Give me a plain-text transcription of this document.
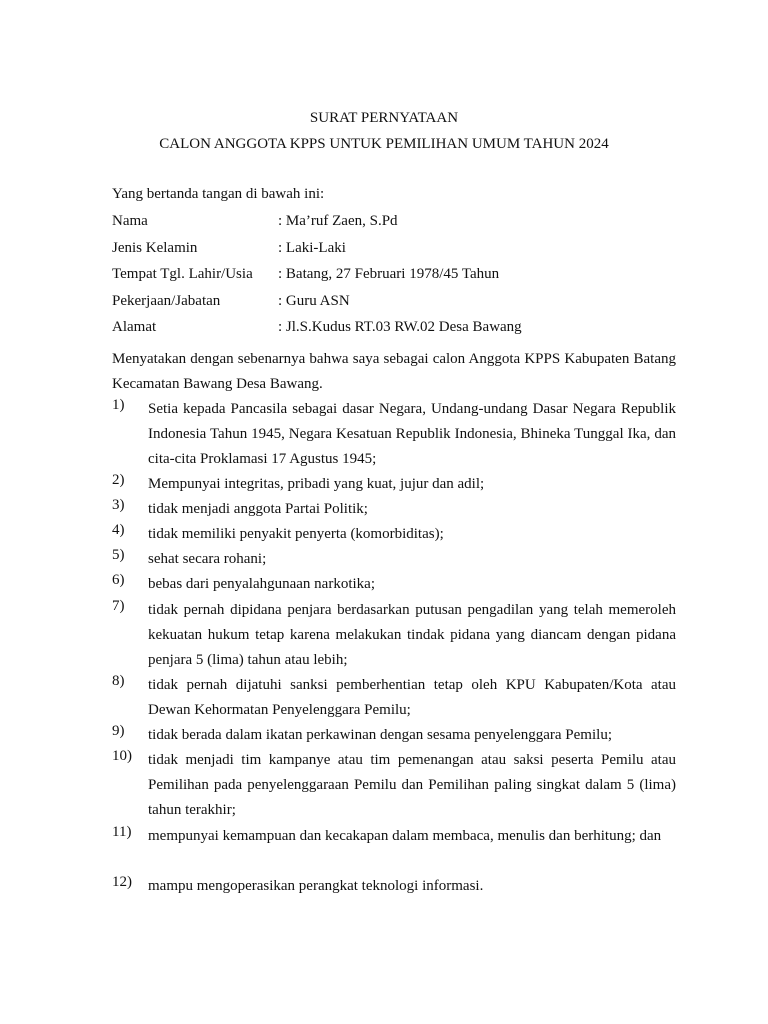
SURAT PERNYATAAN
CALON ANGGOTA KPPS UNTUK PEMILIHAN UMUM TAHUN 2024
Yang bertanda tangan di bawah ini:
Nama	: Ma’ruf Zaen, S.Pd
Jenis Kelamin	: Laki-Laki
Tempat Tgl. Lahir/Usia : Batang, 27 Februari 1978/45 Tahun
Pekerjaan/Jabatan	: Guru ASN
Alamat	: Jl.S.Kudus RT.03 RW.02 Desa Bawang
Menyatakan dengan sebenarnya bahwa saya sebagai calon Anggota KPPS Kabupaten Batang Kecamatan Bawang Desa Bawang.
1) Setia kepada Pancasila sebagai dasar Negara, Undang-undang Dasar Negara Republik Indonesia Tahun 1945, Negara Kesatuan Republik Indonesia, Bhineka Tunggal Ika, dan cita-cita Proklamasi 17 Agustus 1945;
2) Mempunyai integritas, pribadi yang kuat, jujur dan adil;
3) tidak menjadi anggota Partai Politik;
4) tidak memiliki penyakit penyerta (komorbiditas);
5) sehat secara rohani;
6) bebas dari penyalahgunaan narkotika;
7) tidak pernah dipidana penjara berdasarkan putusan pengadilan yang telah memeroleh kekuatan hukum tetap karena melakukan tindak pidana yang diancam dengan pidana penjara 5 (lima) tahun atau lebih;
8) tidak pernah dijatuhi sanksi pemberhentian tetap oleh KPU Kabupaten/Kota atau Dewan Kehormatan Penyelenggara Pemilu;
9) tidak berada dalam ikatan perkawinan dengan sesama penyelenggara Pemilu;
10) tidak menjadi tim kampanye atau tim pemenangan atau saksi peserta Pemilu atau Pemilihan pada penyelenggaraan Pemilu dan Pemilihan paling singkat dalam 5 (lima) tahun terakhir;
11) mempunyai kemampuan dan kecakapan dalam membaca, menulis dan berhitung; dan
12) mampu mengoperasikan perangkat teknologi informasi.
